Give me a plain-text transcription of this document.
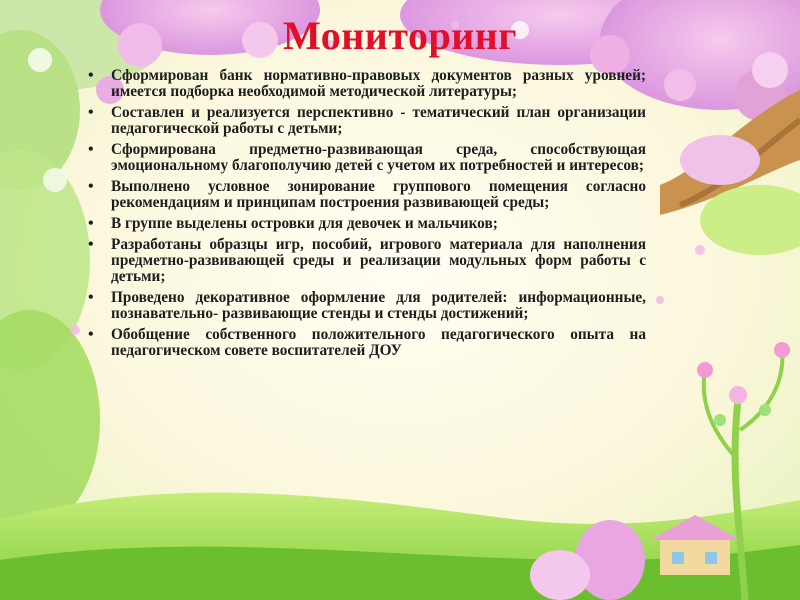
Мониторинг
• Сформирован банк нормативно-правовых документов разных уровней; имеется подборка необходимой методической литературы;
• Составлен и реализуется перспективно - тематический план организации педагогической работы с детьми;
• Сформирована предметно-развивающая среда, способствующая эмоциональному благополучию детей с учетом их потребностей и интересов;
• Выполнено условное зонирование группового помещения согласно рекомендациям и принципам построения развивающей среды;
• В группе выделены островки для девочек и мальчиков;
• Разработаны образцы игр, пособий, игрового материала для наполнения предметно-развивающей среды и реализации модульных форм работы с детьми;
• Проведено декоративное оформление для родителей: информационные, познавательно- развивающие стенды и стенды достижений;
• Обобщение собственного положительного педагогического опыта на педагогическом совете воспитателей ДОУ
